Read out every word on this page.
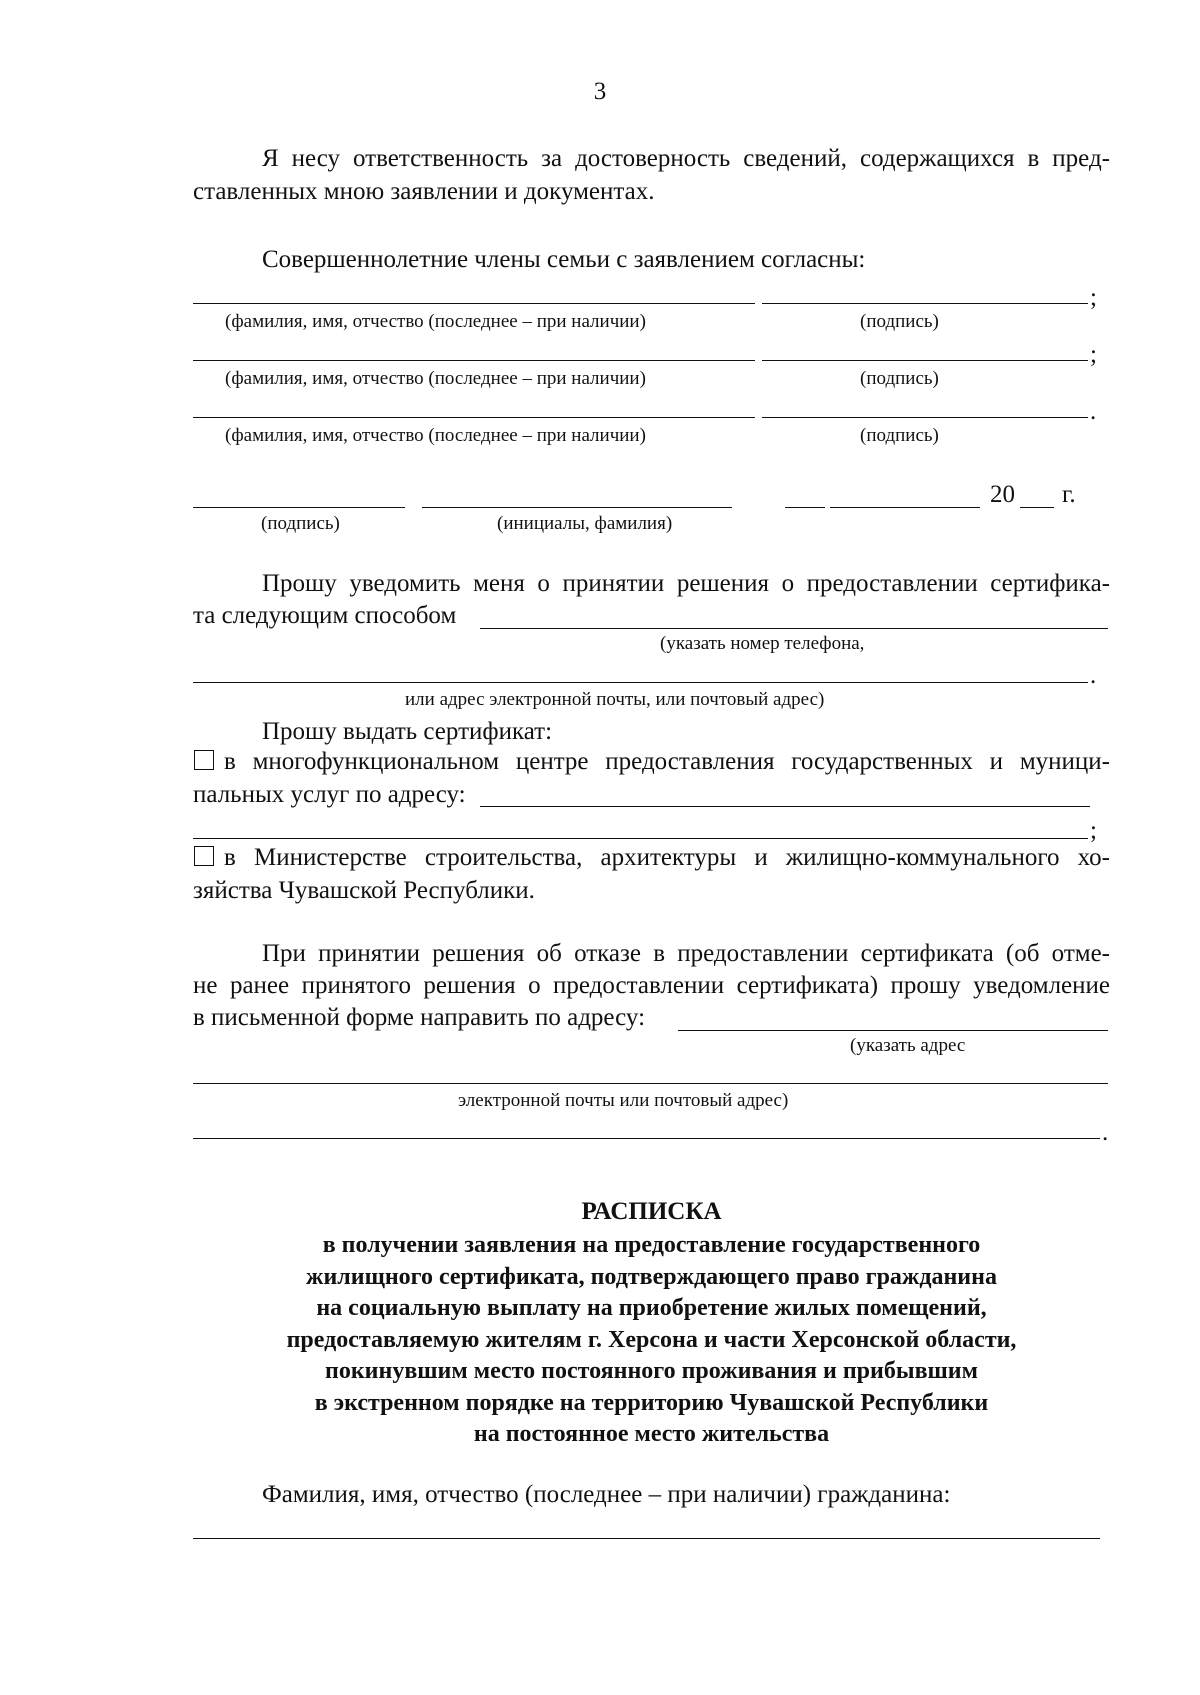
3
Я несу ответственность за достоверность сведений, содержащихся в пред-
ставленных мною заявлении и документах.
Совершеннолетние члены семьи с заявлением согласны:
;
(фамилия, имя, отчество (последнее – при наличии)	(подпись)
;
(фамилия, имя, отчество (последнее – при наличии)	(подпись)
.
(фамилия, имя, отчество (последнее – при наличии)	(подпись)
20 г.
(подпись)	(инициалы, фамилия)
Прошу уведомить меня о принятии решения о предоставлении сертифика-
та следующим способом
(указать номер телефона,
.
или адрес электронной почты, или почтовый адрес)
Прошу выдать сертификат:
в многофункциональном центре предоставления государственных и муници-
пальных услуг по адресу:
;
в Министерстве строительства, архитектуры и жилищно-коммунального хо-
зяйства Чувашской Республики.
При принятии решения об отказе в предоставлении сертификата (об отме-
не ранее принятого решения о предоставлении сертификата) прошу уведомление
в письменной форме направить по адресу:
(указать адрес
электронной почты или почтовый адрес)
.
РАСПИСКА
в получении заявления на предоставление государственного
жилищного сертификата, подтверждающего право гражданина
на социальную выплату на приобретение жилых помещений,
предоставляемую жителям г. Херсона и части Херсонской области,
покинувшим место постоянного проживания и прибывшим
в экстренном порядке на территорию Чувашской Республики
на постоянное место жительства
Фамилия, имя, отчество (последнее – при наличии) гражданина:
